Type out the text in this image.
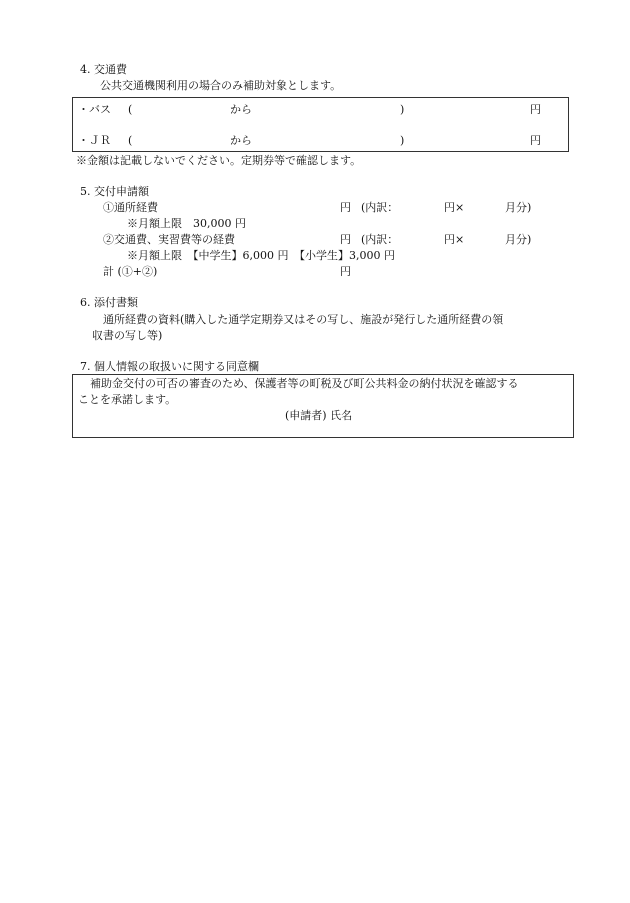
4. 交通費
公共交通機関利用の場合のみ補助対象とします。
・バス (	から	)	円
・ＪＲ (	から	)	円
※金額は記載しないでください。定期券等で確認します。
5. 交付申請額
①通所経費	円 (内訳：	円×	月分)
※月額上限　30,000 円
②交通費、実習費等の経費	円 (内訳：	円×	月分)
※月額上限　【中学生】6,000 円　【小学生】3,000 円
計 (①+②)	円
6. 添付書類
通所経費の資料(購入した通学定期券又はその写し、施設が発行した通所経費の領
収書の写し等)
7. 個人情報の取扱いに関する同意欄
補助金交付の可否の審査のため、保護者等の町税及び町公共料金の納付状況を確認する
ことを承諾します。
(申請者) 氏名
